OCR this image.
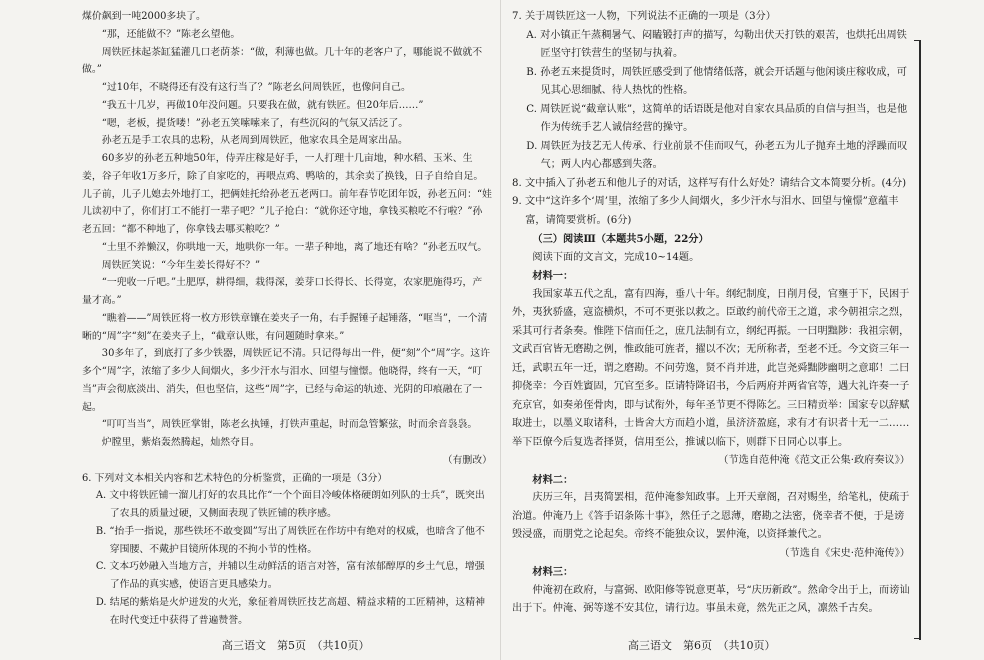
煤价飙到一吨2000多块了。

“那，还能做不？”陈老幺望他。

周铁匠抹起茶缸猛灌几口老荫茶：“做，利薄也做。几十年的老客户了，哪能说不做就不做。”

“过10年，不晓得还有没有这行当了？”陈老幺问周铁匠，也像问自己。

“我五十几岁，再做10年没问题。只要我在做，就有铁匠。但20年后……”

“嗯，老板，提货喽！”孙老五笑嗦嗦来了，有些沉闷的气氛又活泛了。

孙老五是手工农具的忠粉，从老周到周铁匠，他家农具全是周家出品。

60多岁的孙老五种地50年，侍弄庄稼是好手，一人打理十几亩地，种水稻、玉米、生姜，谷子年收1万多斤，除了自家吃的，再喂点鸡、鸭啥的，其余卖了换钱，日子自给自足。儿子前，儿子儿媳去外地打工，把俩娃托给孙老五老两口。前年春节吃团年饭，孙老五问：“娃儿读初中了，你们打工不能打一辈子吧？”儿子抢白：“就你还守地，拿钱买粮吃不行啦？”孙老五回：“都不种地了，你拿钱去哪买粮吃？”

“土里不养懒汉，你哄地一天，地哄你一年。一辈子种地，离了地还有啥？”孙老五叹气。

周铁匠笑说：“今年生姜长得好不？”

“一兜收一斤吧。”土肥厚，耕得细，栽得深，姜芽口长得长、长得宽，农家肥施得巧，产量才高。”

“瞧着——”周铁匠将一枚方形铁章镶在姜夹子一角，右手握锤子起锤落，“哐当”，一个清晰的“周”字“刻”在姜夹子上，“截章认账，有问题随时拿来。”

30多年了，到底打了多少铁器，周铁匠记不清。只记得每出一件，便“刻”个“周”字。这许多个“周”字，浓缩了多少人间烟火，多少汗水与泪水、回望与憧憬。他晓得，终有一天，“叮当”声会彻底淡出、消失，但也坚信，这些“周”字，已经与命运的轨迹、光阴的印痕融在了一起。

“叮叮当当”，周铁匠掌钳，陈老幺执锤，打铁声重起，时而急管繁弦，时而余音袅袅。

炉膛里，紫焰轰然腾起，灿然夺目。

（有删改）

6. 下列对文本相关内容和艺术特色的分析鉴赏，正确的一项是（3分）

A. 文中将铁匠铺一溜儿打好的农具比作“一个个面目冷峻体格硬朗如列队的士兵”，既突出了农具的质量过硬，又侧面表现了铁匠铺的秩序感。

B. “抬手一指说，那些铁坯不敢变圆”写出了周铁匠在作坊中有绝对的权威，也暗含了他不穿围腰、不戴护目镜所体现的不拘小节的性格。

C. 文本巧妙融入当地方言，并辅以生动鲜活的语言对答，富有浓郁醇厚的乡土气息，增强了作品的真实感，使语言更具感染力。

D. 结尾的紫焰是火炉迸发的火光，象征着周铁匠技艺高超、精益求精的工匠精神，这精神在时代变迁中获得了普遍赞誉。

高三语文　第5页　（共10页）

7. 关于周铁匠这一人物，下列说法不正确的一项是（3分）

A. 对小镇正午蒸稠暑气、闷瞌锻打声的描写，勾勒出伏天打铁的艰苦，也烘托出周铁匠坚守打铁营生的坚韧与执着。

B. 孙老五来提货时，周铁匠感受到了他情绪低落，就会开话题与他闲谈庄稼收成，可见其心思细腻、待人热忱的性格。

C. 周铁匠说“截章认账”，这简单的话语既是他对自家农具品质的自信与担当，也是他作为传统手艺人诚信经营的操守。

D. 周铁匠为技艺无人传承、行业前景不佳而叹气，孙老五为儿子抛弃土地的浮躁而叹气；两人内心都感到失落。

8. 文中插入了孙老五和他儿子的对话，这样写有什么好处？请结合文本简要分析。(4分)

9. 文中“这许多个‘周’里，浓缩了多少人间烟火，多少汗水与泪水、回望与憧憬”意蕴丰富，请简要赏析。(6分)

（三）阅读Ⅲ（本题共5小题，22分）

阅读下面的文言文，完成10~14题。

材料一：

我国家革五代之乱，富有四海，垂八十年。纲纪制度，日削月侵，官壅于下，民困于外，夷狄骄盛，寇盗横炽，不可不更张以救之。臣敢约前代帝王之道，求今朝祖宗之烈，采其可行者条奏。惟陛下信而任之，庶几法制有立，纲纪再振。一曰明黜陟：我祖宗朝，文武百官皆无磨勘之例，惟政能可旌者，擢以不次；无所称者，至老不迁。今文资三年一迁，武职五年一迁，谓之磨勘。不问劳逸，贤不肖并进，此岂尧舜黜陟幽明之意耶！二曰抑侥幸：今百姓賨固，冗官至多。臣请特降诏书，今后两府并两省官等，遇大礼许奏一子充京官，如奏弟侄骨肉，即与试衔外，每年圣节更不得陈乞。三曰精贡举：国家专以辞赋取进士，以墨义取诸科，士皆舍大方而趋小道，虽济济盈庭，求有才有识者十无一二……举下臣僚今后复选者择贤，信用至公，推诚以临下，则群下日同心以事上。

（节选自范仲淹《范文正公集·政府奏议》）

材料二：

庆历三年，吕夷简罢相，范仲淹参知政事。上开天章阁，召对赐坐，给笔札，使疏于治道。仲淹乃上《答手诏条陈十事》，然任子之恩薄，磨勘之法密，侥幸者不便，于是谤毁浸盛，而朋党之论起矣。帝终不能独众议，罢仲淹，以资择兼代之。

（节选自《宋史·范仲淹传》）

材料三：

仲淹初在政府，与富弼、欧阳修等锐意更革，号“庆历新政”。然命令出于上，而谤讪出于下。仲淹、弼等遂不安其位，请行边。事虽未竟，然先正之风，凛然千古矣。

高三语文　第6页　（共10页）
